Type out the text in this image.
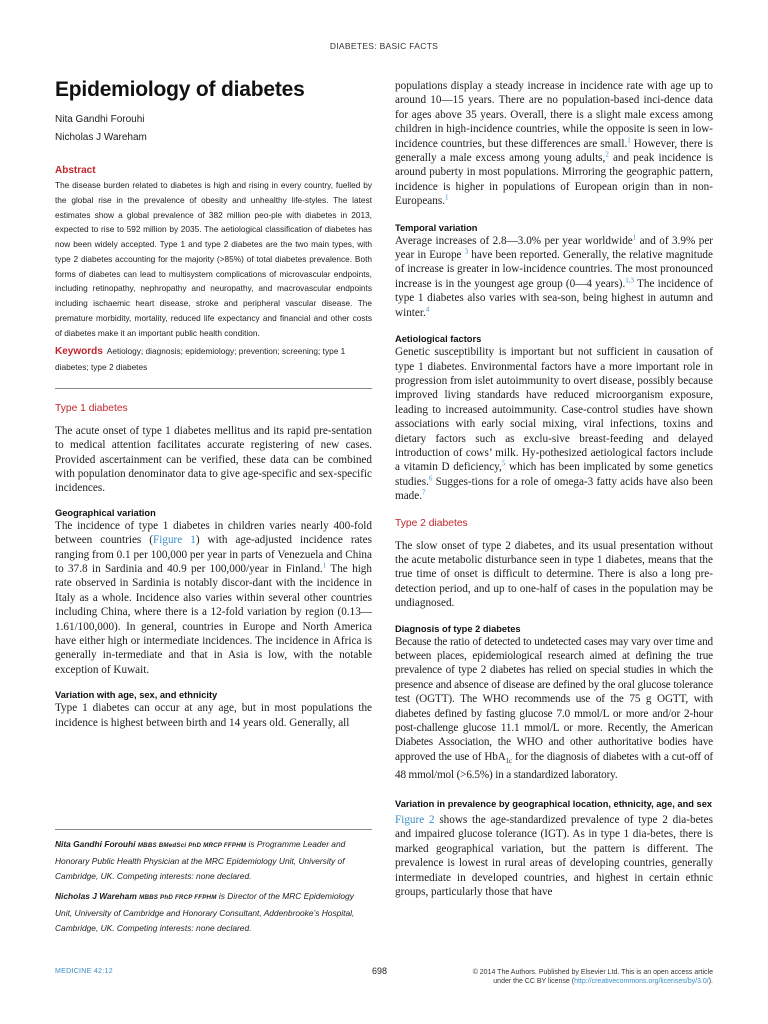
DIABETES: BASIC FACTS
Epidemiology of diabetes

Nita Gandhi Forouhi

Nicholas J Wareham

Abstract

The disease burden related to diabetes is high and rising in every country, fuelled by the global rise in the prevalence of obesity and unhealthy life-styles. The latest estimates show a global prevalence of 382 million peo-ple with diabetes in 2013, expected to rise to 592 million by 2035. The aetiological classification of diabetes has now been widely accepted. Type 1 and type 2 diabetes are the two main types, with type 2 diabetes accounting for the majority (>85%) of total diabetes prevalence. Both forms of diabetes can lead to multisystem complications of microvascular endpoints, including retinopathy, nephropathy and neuropathy, and macrovascular endpoints including ischaemic heart disease, stroke and peripheral vascular disease. The premature morbidity, mortality, reduced life expectancy and financial and other costs of diabetes make it an important public health condition.

Keywords Aetiology; diagnosis; epidemiology; prevention; screening; type 1 diabetes; type 2 diabetes

Type 1 diabetes

The acute onset of type 1 diabetes mellitus and its rapid pre-sentation to medical attention facilitates accurate registering of new cases. Provided ascertainment can be verified, these data can be combined with population denominator data to give age-specific and sex-specific incidences.

Geographical variation

The incidence of type 1 diabetes in children varies nearly 400-fold between countries (Figure 1) with age-adjusted incidence rates ranging from 0.1 per 100,000 per year in parts of Venezuela and China to 37.8 in Sardinia and 40.9 per 100,000/year in Finland.$^1$ The high rate observed in Sardinia is notably discor-dant with the incidence in Italy as a whole. Incidence also varies within several other countries including China, where there is a 12-fold variation by region (0.13—1.61/100,000). In general, countries in Europe and North America have either high or intermediate incidences. The incidence in Africa is generally in-termediate and that in Asia is low, with the notable exception of Kuwait.

Variation with age, sex, and ethnicity

Type 1 diabetes can occur at any age, but in most populations the incidence is highest between birth and 14 years old. Generally, all

Nita Gandhi Forouhi MBBS BMedSci PhD MRCP FFPHM is Programme Leader and Honorary Public Health Physician at the MRC Epidemiology Unit, University of Cambridge, UK. Competing interests: none declared.
Nicholas J Wareham MBBS PhD FRCP FFPHM is Director of the MRC Epidemiology Unit, University of Cambridge and Honorary Consultant, Addenbrooke’s Hospital, Cambridge, UK. Competing interests: none declared.

populations display a steady increase in incidence rate with age up to around 10—15 years. There are no population-based inci-dence data for ages above 35 years. Overall, there is a slight male excess among children in high-incidence countries, while the opposite is seen in low-incidence countries, but these differences are small.$^1$ However, there is generally a male excess among young adults,$^2$ and peak incidence is around puberty in most populations. Mirroring the geographic pattern, incidence is higher in populations of European origin than in non-Europeans.$^1$

Temporal variation

Average increases of 2.8—3.0% per year worldwide$^1$ and of 3.9% per year in Europe $^3$ have been reported. Generally, the relative magnitude of increase is greater in low-incidence countries. The most pronounced increase is in the youngest age group (0—4 years).$^{1,3}$ The incidence of type 1 diabetes also varies with sea-son, being highest in autumn and winter.$^4$

Aetiological factors

Genetic susceptibility is important but not sufficient in causation of type 1 diabetes. Environmental factors have a more important role in progression from islet autoimmunity to overt disease, possibly because improved living standards have reduced microorganism exposure, leading to increased autoimmunity. Case-control studies have shown associations with early social mixing, viral infections, toxins and dietary factors such as exclu-sive breast-feeding and delayed introduction of cows’ milk. Hy-pothesized aetiological factors include a vitamin D deficiency,$^5$ which has been implicated by some genetics studies.$^6$ Sugges-tions for a role of omega-3 fatty acids have also been made.$^7$

Type 2 diabetes

The slow onset of type 2 diabetes, and its usual presentation without the acute metabolic disturbance seen in type 1 diabetes, means that the true time of onset is difficult to determine. There is also a long pre-detection period, and up to one-half of cases in the population may be undiagnosed.

Diagnosis of type 2 diabetes

Because the ratio of detected to undetected cases may vary over time and between places, epidemiological research aimed at defining the true prevalence of type 2 diabetes has relied on special studies in which the presence and absence of disease are defined by the oral glucose tolerance test (OGTT). The WHO recommends use of the 75 g OGTT, with diabetes defined by fasting glucose 7.0 mmol/L or more and/or 2-hour post-challenge glucose 11.1 mmol/L or more. Recently, the American Diabetes Association, the WHO and other authoritative bodies have approved the use of HbA$_{1c}$ for the diagnosis of diabetes with a cut-off of 48 mmol/mol (>6.5%) in a standardized laboratory.

Variation in prevalence by geographical location, ethnicity, age, and sex

Figure 2 shows the age-standardized prevalence of type 2 dia-betes and impaired glucose tolerance (IGT). As in type 1 dia-betes, there is marked geographical variation, but the pattern is different. The prevalence is lowest in rural areas of developing countries, generally intermediate in developed countries, and highest in certain ethnic groups, particularly those that have

MEDICINE 42:12	698	© 2014 The Authors. Published by Elsevier Ltd. This is an open access article
under the CC BY license (http://creativecommons.org/licenses/by/3.0/).
